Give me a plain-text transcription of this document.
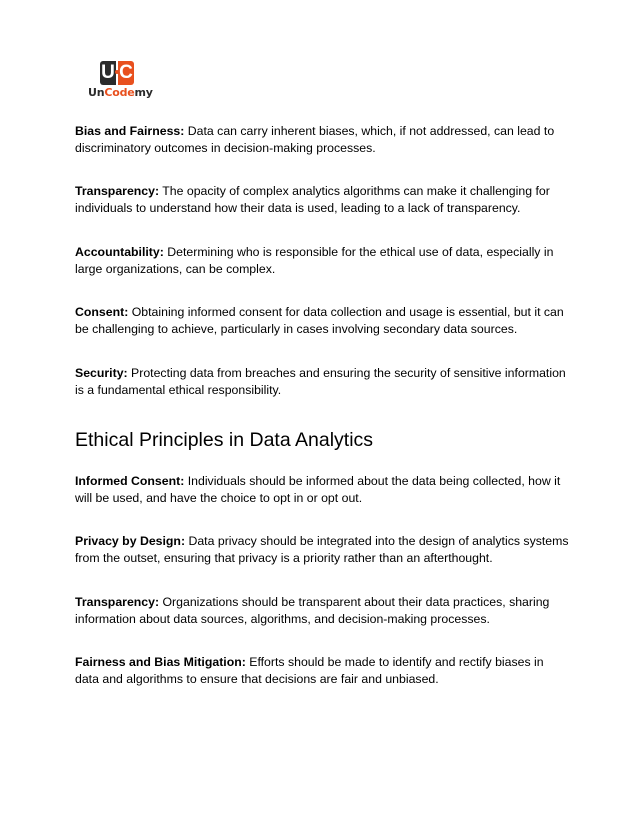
U C
UnCodemy

Bias and Fairness: Data can carry inherent biases, which, if not addressed, can lead to discriminatory outcomes in decision-making processes.

Transparency: The opacity of complex analytics algorithms can make it challenging for individuals to understand how their data is used, leading to a lack of transparency.

Accountability: Determining who is responsible for the ethical use of data, especially in large organizations, can be complex.

Consent: Obtaining informed consent for data collection and usage is essential, but it can be challenging to achieve, particularly in cases involving secondary data sources.

Security: Protecting data from breaches and ensuring the security of sensitive information is a fundamental ethical responsibility.

Ethical Principles in Data Analytics

Informed Consent: Individuals should be informed about the data being collected, how it will be used, and have the choice to opt in or opt out.

Privacy by Design: Data privacy should be integrated into the design of analytics systems from the outset, ensuring that privacy is a priority rather than an afterthought.

Transparency: Organizations should be transparent about their data practices, sharing information about data sources, algorithms, and decision-making processes.

Fairness and Bias Mitigation: Efforts should be made to identify and rectify biases in data and algorithms to ensure that decisions are fair and unbiased.
